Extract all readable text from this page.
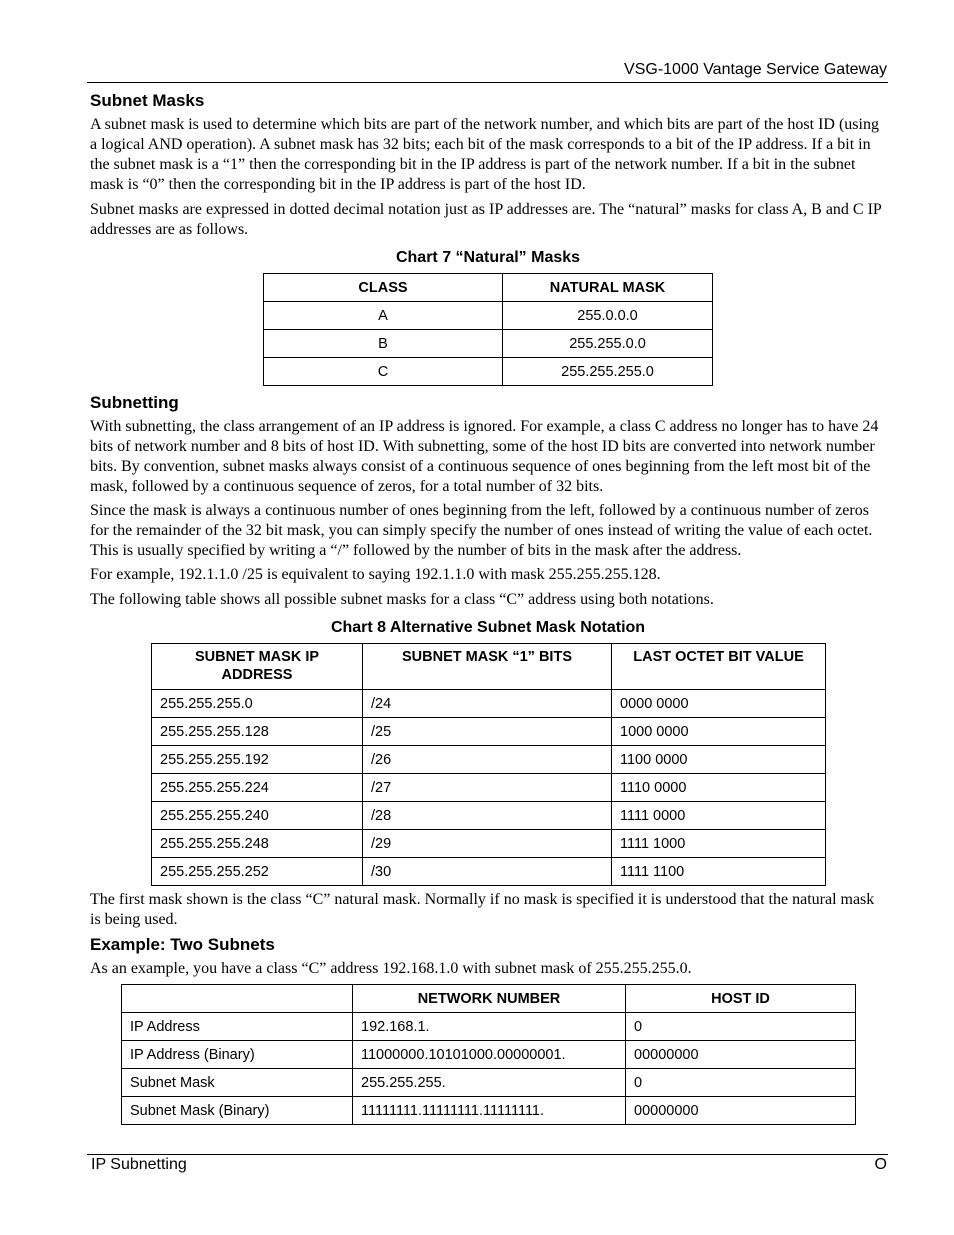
VSG-1000 Vantage Service Gateway
Subnet Masks

A subnet mask is used to determine which bits are part of the network number, and which bits are part of the host ID (using a logical AND operation). A subnet mask has 32 bits; each bit of the mask corresponds to a bit of the IP address. If a bit in the subnet mask is a “1” then the corresponding bit in the IP address is part of the network number. If a bit in the subnet mask is “0” then the corresponding bit in the IP address is part of the host ID.

Subnet masks are expressed in dotted decimal notation just as IP addresses are. The “natural” masks for class A, B and C IP addresses are as follows.

Chart 7 “Natural” Masks
CLASS	NATURAL MASK
A	255.0.0.0
B	255.255.0.0
C	255.255.255.0
Subnetting

With subnetting, the class arrangement of an IP address is ignored. For example, a class C address no longer has to have 24 bits of network number and 8 bits of host ID. With subnetting, some of the host ID bits are converted into network number bits. By convention, subnet masks always consist of a continuous sequence of ones beginning from the left most bit of the mask, followed by a continuous sequence of zeros, for a total number of 32 bits.

Since the mask is always a continuous number of ones beginning from the left, followed by a continuous number of zeros for the remainder of the 32 bit mask, you can simply specify the number of ones instead of writing the value of each octet. This is usually specified by writing a “/” followed by the number of bits in the mask after the address.

For example, 192.1.1.0 /25 is equivalent to saying 192.1.1.0 with mask 255.255.255.128.

The following table shows all possible subnet masks for a class “C” address using both notations.

Chart 8 Alternative Subnet Mask Notation
SUBNET MASK IP ADDRESS	SUBNET MASK “1” BITS	LAST OCTET BIT VALUE
255.255.255.0	/24	0000 0000
255.255.255.128	/25	1000 0000
255.255.255.192	/26	1100 0000
255.255.255.224	/27	1110 0000
255.255.255.240	/28	1111 0000
255.255.255.248	/29	1111 1000
255.255.255.252	/30	1111 1100

The first mask shown is the class “C” natural mask. Normally if no mask is specified it is understood that the natural mask is being used.

Example: Two Subnets

As an example, you have a class “C” address 192.168.1.0 with subnet mask of 255.255.255.0.

	NETWORK NUMBER	HOST ID
IP Address	192.168.1.	0
IP Address (Binary)	11000000.10101000.00000001.	00000000
Subnet Mask	255.255.255.	0
Subnet Mask (Binary)	11111111.11111111.11111111.	00000000
IP Subnetting	O
